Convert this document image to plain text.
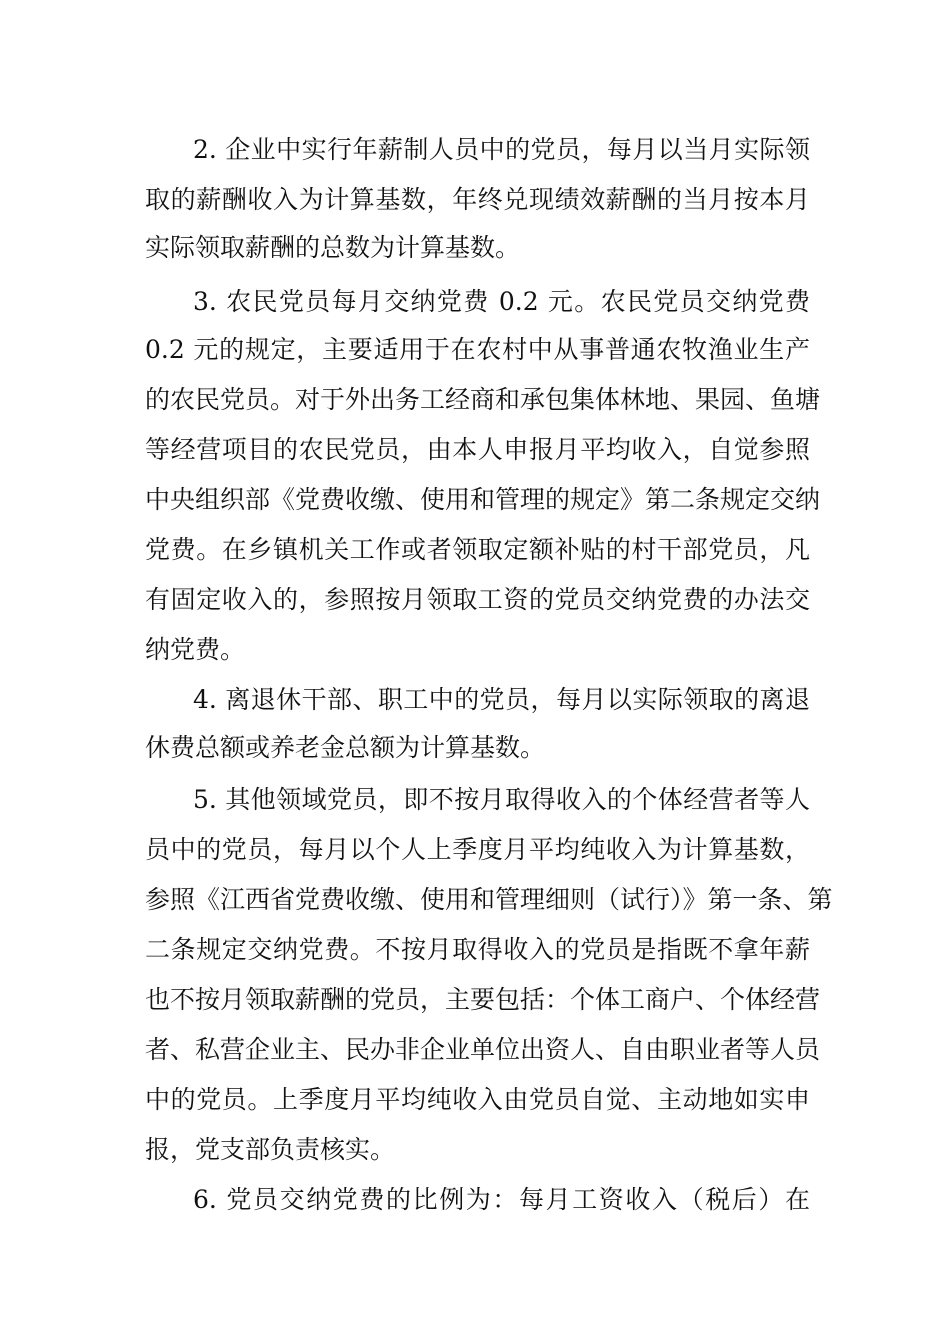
2. 企业中实行年薪制人员中的党员，每月以当月实际领
取的薪酬收入为计算基数，年终兑现绩效薪酬的当月按本月
实际领取薪酬的总数为计算基数。
3. 农民党员每月交纳党费 0.2 元。农民党员交纳党费
0.2 元的规定，主要适用于在农村中从事普通农牧渔业生产
的农民党员。对于外出务工经商和承包集体林地、果园、鱼塘
等经营项目的农民党员，由本人申报月平均收入，自觉参照
中央组织部《党费收缴、使用和管理的规定》第二条规定交纳
党费。在乡镇机关工作或者领取定额补贴的村干部党员，凡
有固定收入的，参照按月领取工资的党员交纳党费的办法交
纳党费。
4. 离退休干部、职工中的党员，每月以实际领取的离退
休费总额或养老金总额为计算基数。
5. 其他领域党员，即不按月取得收入的个体经营者等人
员中的党员，每月以个人上季度月平均纯收入为计算基数，
参照《江西省党费收缴、使用和管理细则（试行）》第一条、第
二条规定交纳党费。不按月取得收入的党员是指既不拿年薪
也不按月领取薪酬的党员，主要包括：个体工商户、个体经营
者、私营企业主、民办非企业单位出资人、自由职业者等人员
中的党员。上季度月平均纯收入由党员自觉、主动地如实申
报，党支部负责核实。
6. 党员交纳党费的比例为：每月工资收入（税后）在
